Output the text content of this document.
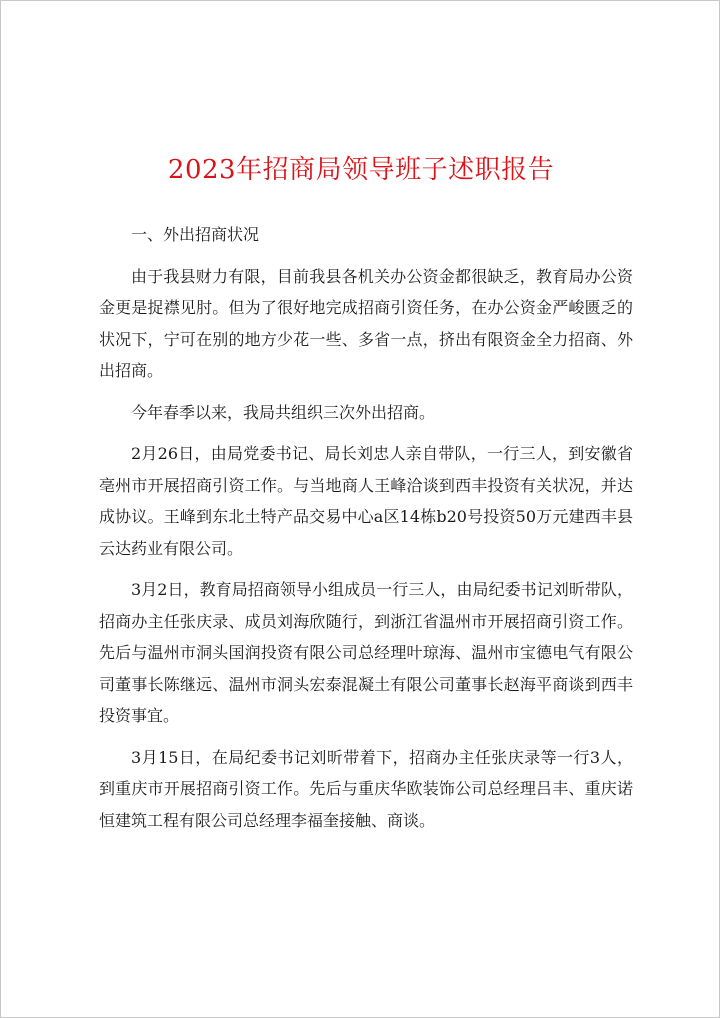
2023年招商局领导班子述职报告

一、外出招商状况

由于我县财力有限，目前我县各机关办公资金都很缺乏，教育局办公资金更是捉襟见肘。但为了很好地完成招商引资任务，在办公资金严峻匮乏的状况下，宁可在别的地方少花一些、多省一点，挤出有限资金全力招商、外出招商。

今年春季以来，我局共组织三次外出招商。

2月26日，由局党委书记、局长刘忠人亲自带队，一行三人，到安徽省亳州市开展招商引资工作。与当地商人王峰洽谈到西丰投资有关状况，并达成协议。王峰到东北土特产品交易中心a区14栋b20号投资50万元建西丰县云达药业有限公司。

3月2日，教育局招商领导小组成员一行三人，由局纪委书记刘昕带队，招商办主任张庆录、成员刘海欣随行，到浙江省温州市开展招商引资工作。先后与温州市洞头国润投资有限公司总经理叶琼海、温州市宝德电气有限公司董事长陈继远、温州市洞头宏泰混凝土有限公司董事长赵海平商谈到西丰投资事宜。

3月15日，在局纪委书记刘昕带着下，招商办主任张庆录等一行3人，到重庆市开展招商引资工作。先后与重庆华欧装饰公司总经理吕丰、重庆诺恒建筑工程有限公司总经理李福奎接触、商谈。
